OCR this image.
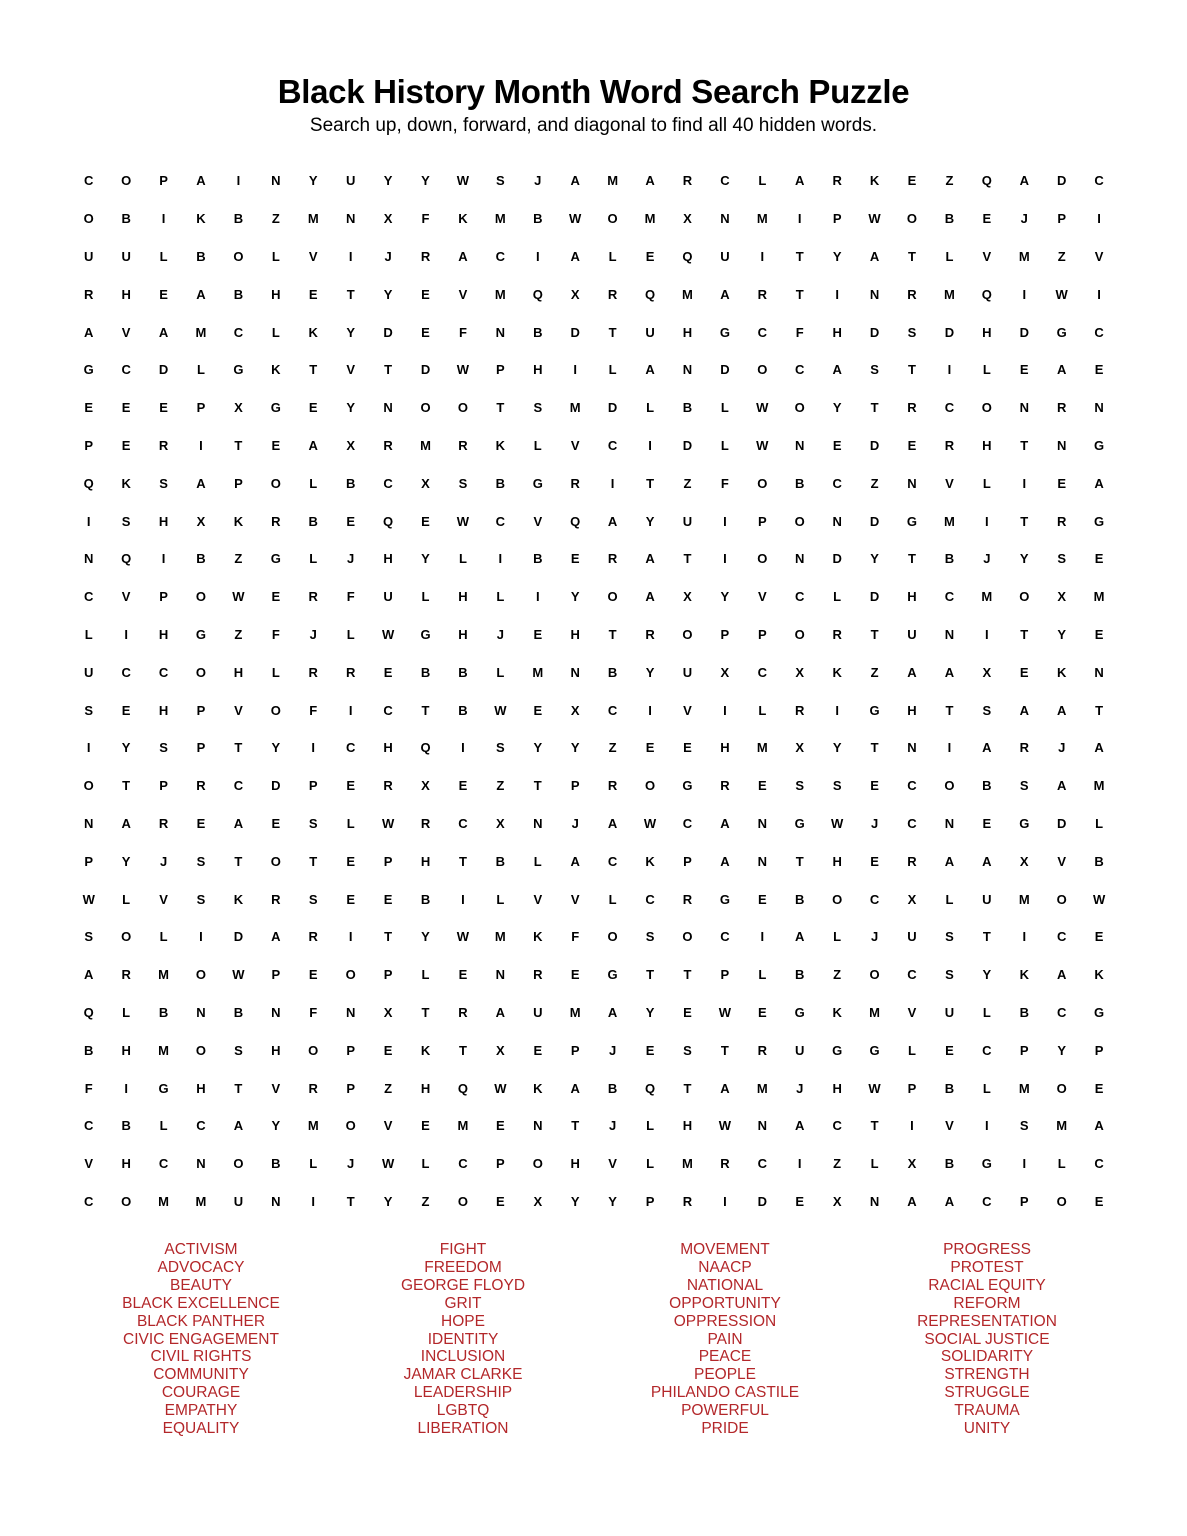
Black History Month Word Search Puzzle
Search up, down, forward, and diagonal to find all 40 hidden words.
C	O	P	A	I	N	Y	U	Y	Y	W	S	J	A	M	A	R	C	L	A	R	K	E	Z	Q	A	D	C
O	B	I	K	B	Z	M	N	X	F	K	M	B	W	O	M	X	N	M	I	P	W	O	B	E	J	P	I
U	U	L	B	O	L	V	I	J	R	A	C	I	A	L	E	Q	U	I	T	Y	A	T	L	V	M	Z	V
R	H	E	A	B	H	E	T	Y	E	V	M	Q	X	R	Q	M	A	R	T	I	N	R	M	Q	I	W	I
A	V	A	M	C	L	K	Y	D	E	F	N	B	D	T	U	H	G	C	F	H	D	S	D	H	D	G	C
G	C	D	L	G	K	T	V	T	D	W	P	H	I	L	A	N	D	O	C	A	S	T	I	L	E	A	E
E	E	E	P	X	G	E	Y	N	O	O	T	S	M	D	L	B	L	W	O	Y	T	R	C	O	N	R	N
P	E	R	I	T	E	A	X	R	M	R	K	L	V	C	I	D	L	W	N	E	D	E	R	H	T	N	G
Q	K	S	A	P	O	L	B	C	X	S	B	G	R	I	T	Z	F	O	B	C	Z	N	V	L	I	E	A
I	S	H	X	K	R	B	E	Q	E	W	C	V	Q	A	Y	U	I	P	O	N	D	G	M	I	T	R	G
N	Q	I	B	Z	G	L	J	H	Y	L	I	B	E	R	A	T	I	O	N	D	Y	T	B	J	Y	S	E
C	V	P	O	W	E	R	F	U	L	H	L	I	Y	O	A	X	Y	V	C	L	D	H	C	M	O	X	M
L	I	H	G	Z	F	J	L	W	G	H	J	E	H	T	R	O	P	P	O	R	T	U	N	I	T	Y	E
U	C	C	O	H	L	R	R	E	B	B	L	M	N	B	Y	U	X	C	X	K	Z	A	A	X	E	K	N
S	E	H	P	V	O	F	I	C	T	B	W	E	X	C	I	V	I	L	R	I	G	H	T	S	A	A	T
I	Y	S	P	T	Y	I	C	H	Q	I	S	Y	Y	Z	E	E	H	M	X	Y	T	N	I	A	R	J	A
O	T	P	R	C	D	P	E	R	X	E	Z	T	P	R	O	G	R	E	S	S	E	C	O	B	S	A	M
N	A	R	E	A	E	S	L	W	R	C	X	N	J	A	W	C	A	N	G	W	J	C	N	E	G	D	L
P	Y	J	S	T	O	T	E	P	H	T	B	L	A	C	K	P	A	N	T	H	E	R	A	A	X	V	B
W	L	V	S	K	R	S	E	E	B	I	L	V	V	L	C	R	G	E	B	O	C	X	L	U	M	O	W
S	O	L	I	D	A	R	I	T	Y	W	M	K	F	O	S	O	C	I	A	L	J	U	S	T	I	C	E
A	R	M	O	W	P	E	O	P	L	E	N	R	E	G	T	T	P	L	B	Z	O	C	S	Y	K	A	K
Q	L	B	N	B	N	F	N	X	T	R	A	U	M	A	Y	E	W	E	G	K	M	V	U	L	B	C	G
B	H	M	O	S	H	O	P	E	K	T	X	E	P	J	E	S	T	R	U	G	G	L	E	C	P	Y	P
F	I	G	H	T	V	R	P	Z	H	Q	W	K	A	B	Q	T	A	M	J	H	W	P	B	L	M	O	E
C	B	L	C	A	Y	M	O	V	E	M	E	N	T	J	L	H	W	N	A	C	T	I	V	I	S	M	A
V	H	C	N	O	B	L	J	W	L	C	P	O	H	V	L	M	R	C	I	Z	L	X	B	G	I	L	C
C	O	M	M	U	N	I	T	Y	Z	O	E	X	Y	Y	P	R	I	D	E	X	N	A	A	C	P	O	E
ACTIVISM
ADVOCACY
BEAUTY
BLACK EXCELLENCE
BLACK PANTHER
CIVIC ENGAGEMENT
CIVIL RIGHTS
COMMUNITY
COURAGE
EMPATHY
EQUALITY
FIGHT
FREEDOM
GEORGE FLOYD
GRIT
HOPE
IDENTITY
INCLUSION
JAMAR CLARKE
LEADERSHIP
LGBTQ
LIBERATION
MOVEMENT
NAACP
NATIONAL
OPPORTUNITY
OPPRESSION
PAIN
PEACE
PEOPLE
PHILANDO CASTILE
POWERFUL
PRIDE
PROGRESS
PROTEST
RACIAL EQUITY
REFORM
REPRESENTATION
SOCIAL JUSTICE
SOLIDARITY
STRENGTH
STRUGGLE
TRAUMA
UNITY
